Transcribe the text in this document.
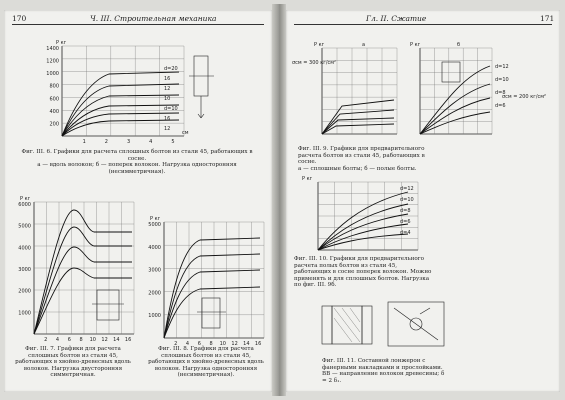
170	Ч. III. Строительная механика
P кг
1400
1200
1000
800
600
400
200
1	2	3	4	5
см
d=20
16
12
10
d=10
16
12
Фиг. III. 6. Графики для расчета сплошных болтов из стали 45, работающих в сосне.
а — вдоль волокон; б — поперек волокон. Нагрузка односторонняя (несимметричная).
P кг
6000
5000
4000
3000
2000
1000
2 4 6 8 10 12 14 16
Фиг. III. 7. Графики для расчета сплошных болтов из стали 45, работающих в хвойно-древесных вдоль волокон. Нагрузка двусторонняя симметричная.
P кг
5000
4000
3000
2000
1000
2 4 6 8 10 12 14 16
Фиг. III. 8. Графики для расчета сплошных болтов из стали 45, работающих в хвойно-древесных вдоль волокон. Нагрузка односторонняя (несимметричная).
Гл. II. Сжатие	171
σсм = 300 кг/см²
P кг	а	P кг	б
d=12
d=10
d=8
d=6
σсм = 200 кг/см²
Фиг. III. 9. Графики для предварительного расчета болтов из стали 45, работающих в сосне.
а — сплошные болты; б — полые болты.
P кг
d=12
d=10
d=8
d=6
d=4
Фиг. III. 10. Графики для предварительного расчета полых болтов из стали 45, работающих в сосне поперек волокон. Можно применять и для сплошных болтов. Нагрузка по фиг. III. 9б.
Фиг. III. 11. Составной лонжерон с фанерными накладками и прослойками.
ВВ — направление волокон древесины; δ = 2 δ₁.
